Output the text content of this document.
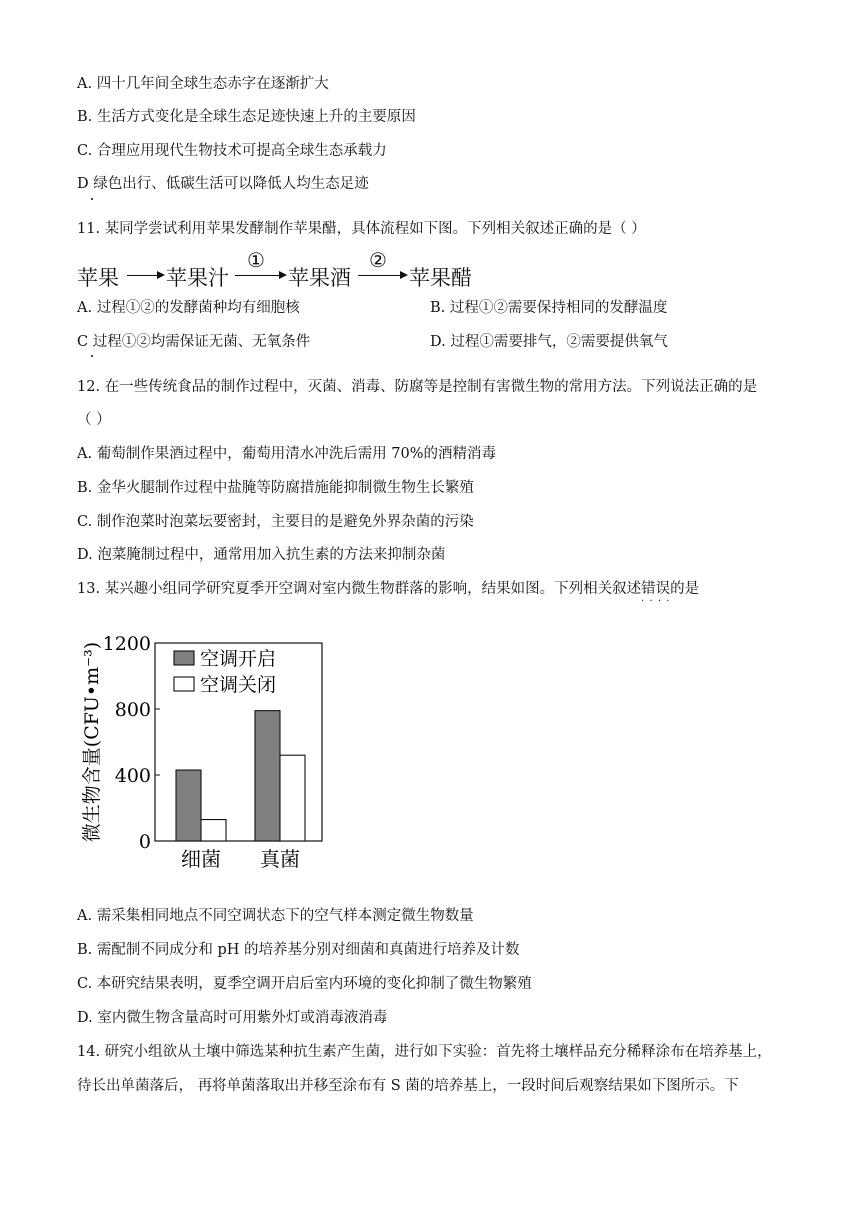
A. 四十几年间全球生态赤字在逐渐扩大
B. 生活方式变化是全球生态足迹快速上升的主要原因
C. 合理应用现代生物技术可提高全球生态承载力
D 绿色出行、低碳生活可以降低人均生态足迹
11. 某同学尝试利用苹果发酵制作苹果醋，具体流程如下图。下列相关叙述正确的是（ ）
苹果 苹果汁
①
苹果酒
②
苹果醋
A. 过程①②的发酵菌种均有细胞核	B. 过程①②需要保持相同的发酵温度
C 过程①②均需保证无菌、无氧条件	D. 过程①需要排气，②需要提供氧气
12. 在一些传统食品的制作过程中，灭菌、消毒、防腐等是控制有害微生物的常用方法。下列说法正确的是
（ ）
A. 葡萄制作果酒过程中，葡萄用清水冲洗后需用 70%的酒精消毒
B. 金华火腿制作过程中盐腌等防腐措施能抑制微生物生长繁殖
C. 制作泡菜时泡菜坛要密封，主要目的是避免外界杂菌的污染
D. 泡菜腌制过程中，通常用加入抗生素的方法来抑制杂菌
13. 某兴趣小组同学研究夏季开空调对室内微生物群落的影响，结果如图。下列相关叙述错误的是 · ·
0
400
800
1200
微生物含量(CFU•m⁻³)
细菌 真菌
空调开启
空调关闭
A. 需采集相同地点不同空调状态下的空气样本测定微生物数量
B. 需配制不同成分和 pH 的培养基分别对细菌和真菌进行培养及计数
C. 本研究结果表明，夏季空调开启后室内环境的变化抑制了微生物繁殖
D. 室内微生物含量高时可用紫外灯或消毒液消毒
14. 研究小组欲从土壤中筛选某种抗生素产生菌，进行如下实验：首先将土壤样品充分稀释涂布在培养基上，
待长出单菌落后， 再将单菌落取出并移至涂布有 S 菌的培养基上，一段时间后观察结果如下图所示。下
